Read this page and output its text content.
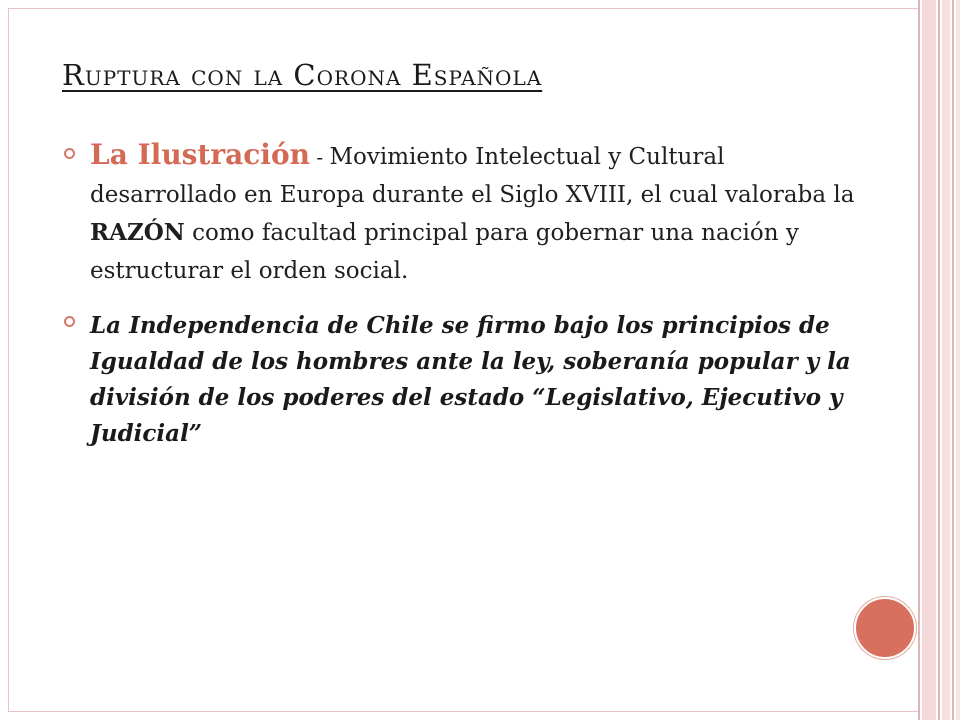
Ruptura con la Corona Española

La Ilustración - Movimiento Intelectual y Cultural desarrollado en Europa durante el Siglo XVIII, el cual valoraba la RAZÓN como facultad principal para gobernar una nación y estructurar el orden social.

La Independencia de Chile se firmo bajo los principios de Igualdad de los hombres ante la ley, soberanía popular y la división de los poderes del estado “Legislativo, Ejecutivo y Judicial”
